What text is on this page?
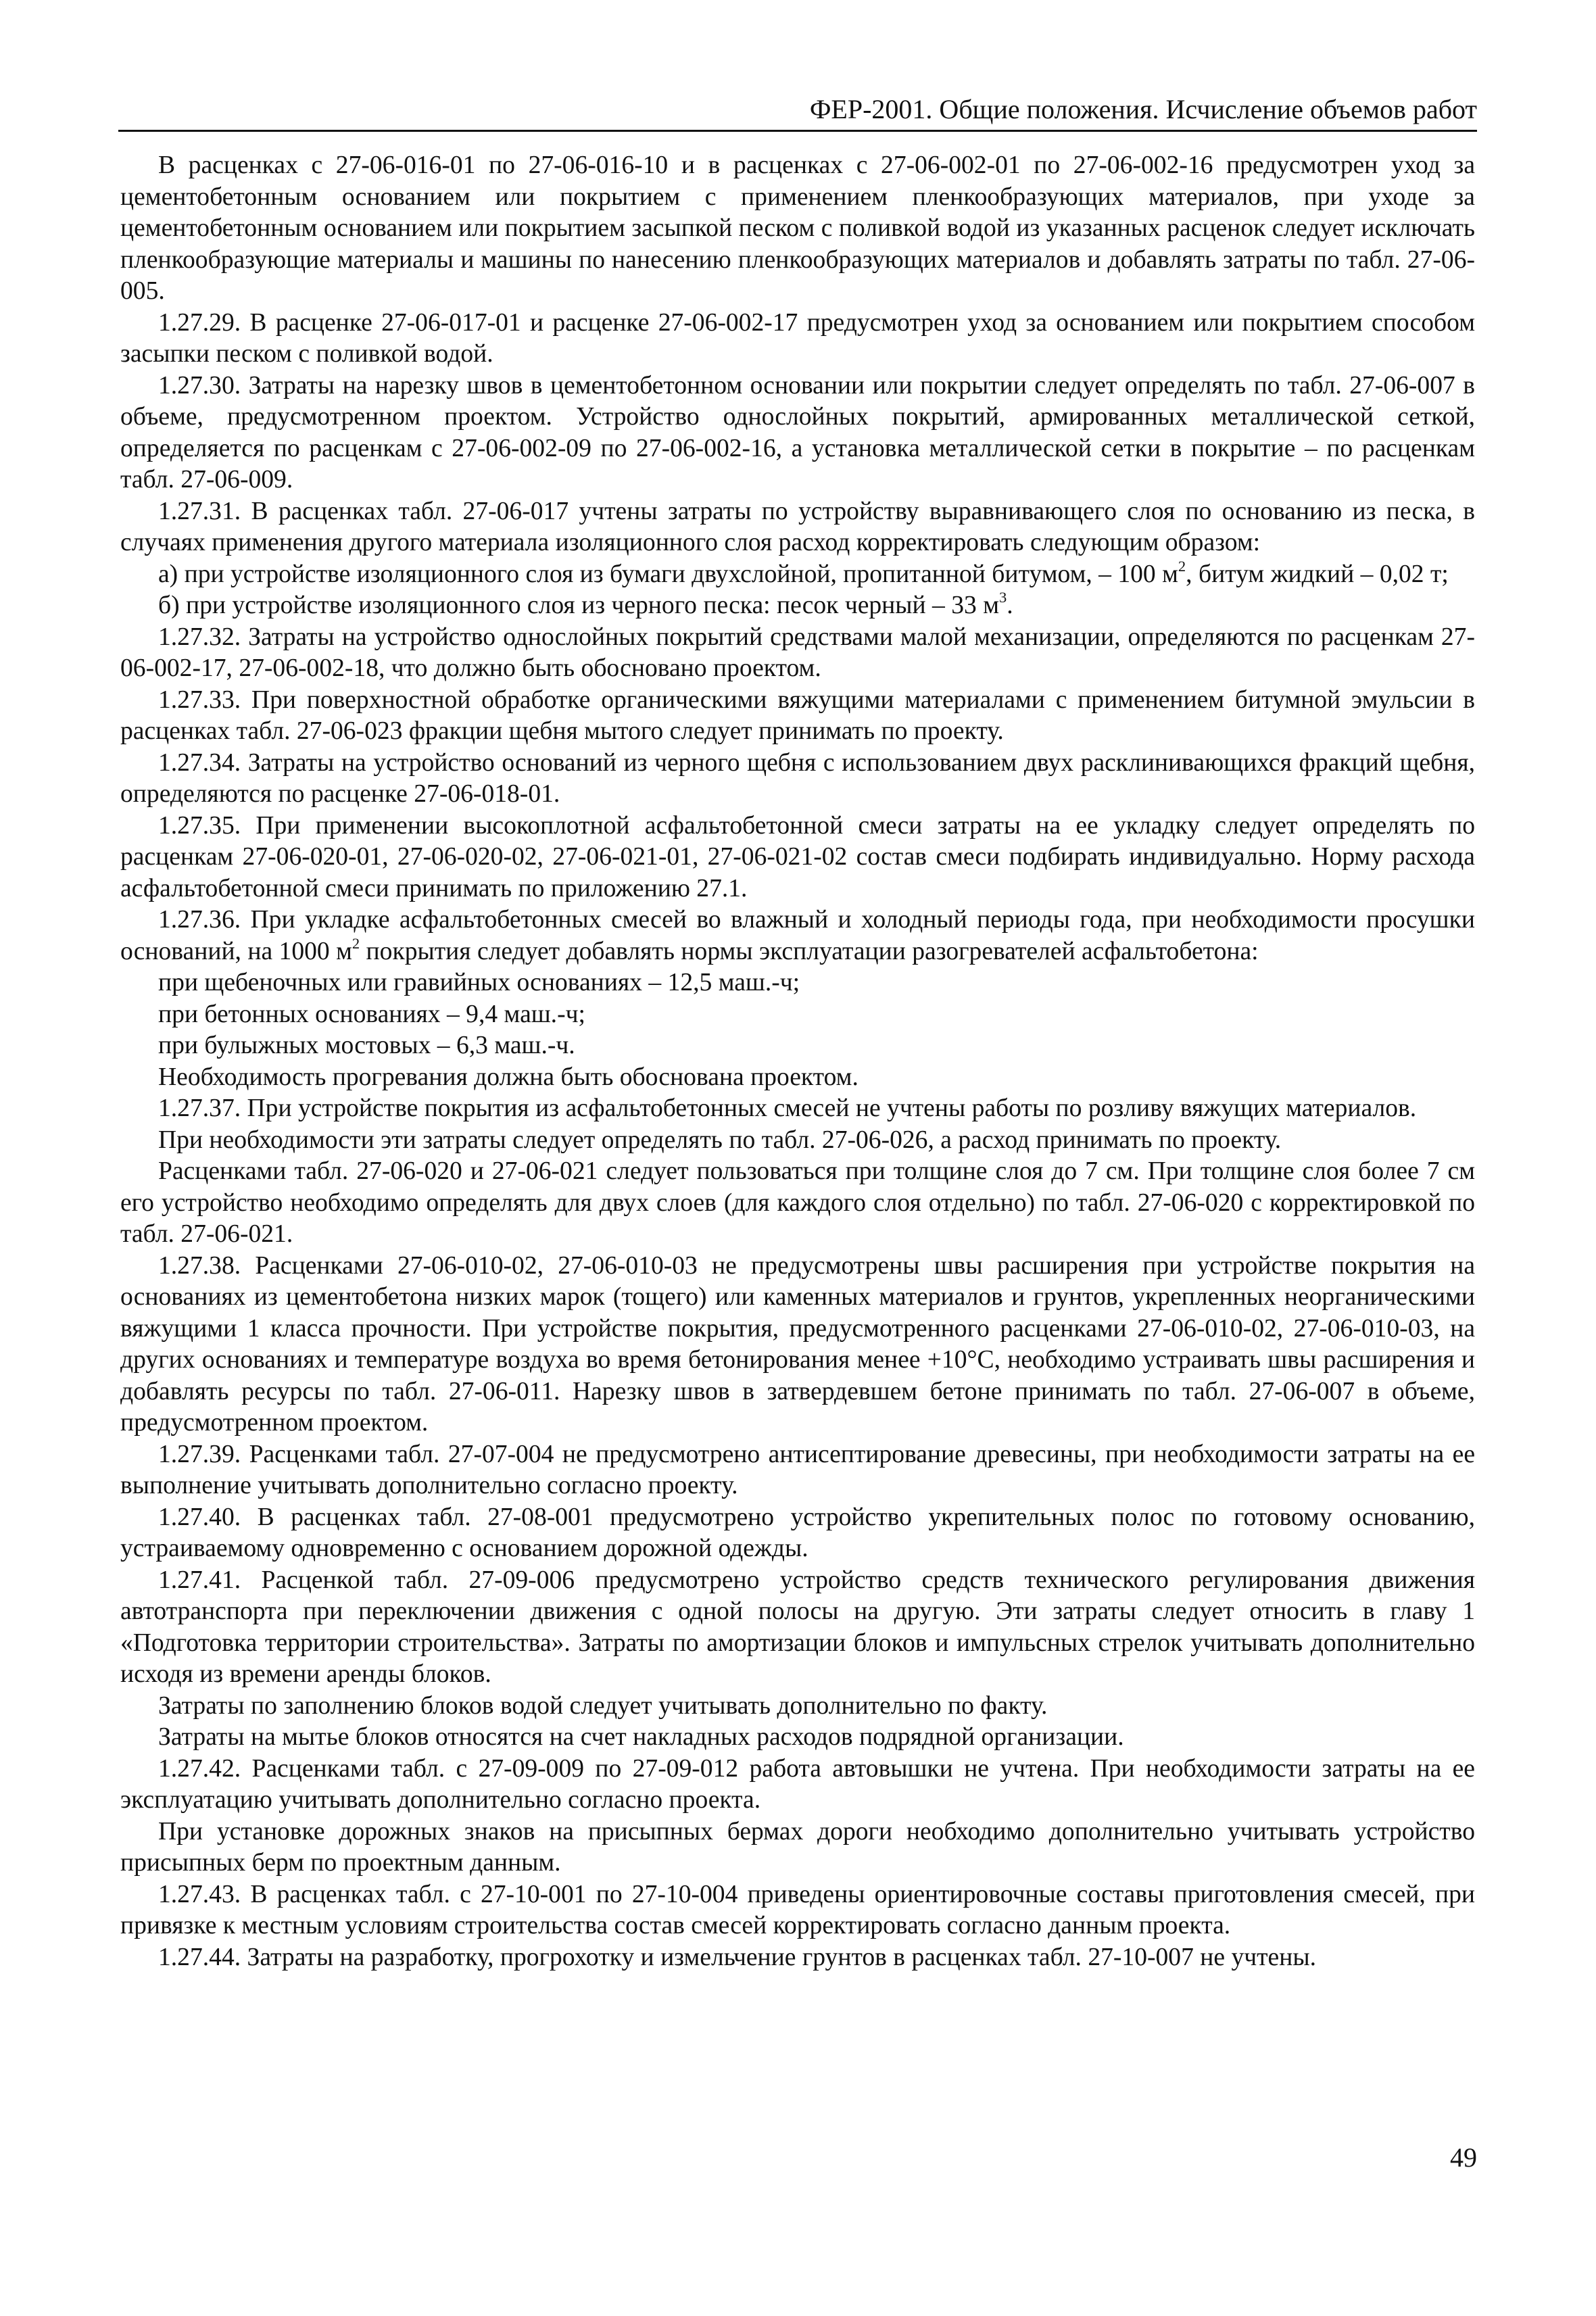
ФЕР-2001. Общие положения. Исчисление объемов работ

В расценках с 27-06-016-01 по 27-06-016-10 и в расценках с 27-06-002-01 по 27-06-002-16 предусмотрен уход за цементобетонным основанием или покрытием с применением пленкообразующих материалов, при уходе за цементобетонным основанием или покрытием засыпкой песком с поливкой водой из указанных расценок следует исключать пленкообразующие материалы и машины по нанесению пленкообразующих материалов и добавлять затраты по табл. 27-06-005.

1.27.29. В расценке 27-06-017-01 и расценке 27-06-002-17 предусмотрен уход за основанием или покрытием способом засыпки песком с поливкой водой.

1.27.30. Затраты на нарезку швов в цементобетонном основании или покрытии следует определять по табл. 27-06-007 в объеме, предусмотренном проектом. Устройство однослойных покрытий, армированных металлической сеткой, определяется по расценкам с 27-06-002-09 по 27-06-002-16, а установка металлической сетки в покрытие – по расценкам табл. 27-06-009.

1.27.31. В расценках табл. 27-06-017 учтены затраты по устройству выравнивающего слоя по основанию из песка, в случаях применения другого материала изоляционного слоя расход корректировать следующим образом:

а) при устройстве изоляционного слоя из бумаги двухслойной, пропитанной битумом, – 100 $м^2$, битум жидкий – 0,02 т;

б) при устройстве изоляционного слоя из черного песка: песок черный – 33 $м^3$.

1.27.32. Затраты на устройство однослойных покрытий средствами малой механизации, определяются по расценкам 27-06-002-17, 27-06-002-18, что должно быть обосновано проектом.

1.27.33. При поверхностной обработке органическими вяжущими материалами с применением битумной эмульсии в расценках табл. 27-06-023 фракции щебня мытого следует принимать по проекту.

1.27.34. Затраты на устройство оснований из черного щебня с использованием двух расклинивающихся фракций щебня, определяются по расценке 27-06-018-01.

1.27.35. При применении высокоплотной асфальтобетонной смеси затраты на ее укладку следует определять по расценкам 27-06-020-01, 27-06-020-02, 27-06-021-01, 27-06-021-02 состав смеси подбирать индивидуально. Норму расхода асфальтобетонной смеси принимать по приложению 27.1.

1.27.36. При укладке асфальтобетонных смесей во влажный и холодный периоды года, при необходимости просушки оснований, на 1000 $м^2$ покрытия следует добавлять нормы эксплуатации разогревателей асфальтобетона:

при щебеночных или гравийных основаниях – 12,5 маш.-ч;

при бетонных основаниях – 9,4 маш.-ч;

при булыжных мостовых – 6,3 маш.-ч.

Необходимость прогревания должна быть обоснована проектом.

1.27.37. При устройстве покрытия из асфальтобетонных смесей не учтены работы по розливу вяжущих материалов.

При необходимости эти затраты следует определять по табл. 27-06-026, а расход принимать по проекту.

Расценками табл. 27-06-020 и 27-06-021 следует пользоваться при толщине слоя до 7 см. При толщине слоя более 7 см его устройство необходимо определять для двух слоев (для каждого слоя отдельно) по табл. 27-06-020 с корректировкой по табл. 27-06-021.

1.27.38. Расценками 27-06-010-02, 27-06-010-03 не предусмотрены швы расширения при устройстве покрытия на основаниях из цементобетона низких марок (тощего) или каменных материалов и грунтов, укрепленных неорганическими вяжущими 1 класса прочности. При устройстве покрытия, предусмотренного расценками 27-06-010-02, 27-06-010-03, на других основаниях и температуре воздуха во время бетонирования менее +10°С, необходимо устраивать швы расширения и добавлять ресурсы по табл. 27-06-011. Нарезку швов в затвердевшем бетоне принимать по табл. 27-06-007 в объеме, предусмотренном проектом.

1.27.39. Расценками табл. 27-07-004 не предусмотрено антисептирование древесины, при необходимости затраты на ее выполнение учитывать дополнительно согласно проекту.

1.27.40. В расценках табл. 27-08-001 предусмотрено устройство укрепительных полос по готовому основанию, устраиваемому одновременно с основанием дорожной одежды.

1.27.41. Расценкой табл. 27-09-006 предусмотрено устройство средств технического регулирования движения автотранспорта при переключении движения с одной полосы на другую. Эти затраты следует относить в главу 1 «Подготовка территории строительства». Затраты по амортизации блоков и импульсных стрелок учитывать дополнительно исходя из времени аренды блоков.

Затраты по заполнению блоков водой следует учитывать дополнительно по факту.

Затраты на мытье блоков относятся на счет накладных расходов подрядной организации.

1.27.42. Расценками табл. с 27-09-009 по 27-09-012 работа автовышки не учтена. При необходимости затраты на ее эксплуатацию учитывать дополнительно согласно проекта.

При установке дорожных знаков на присыпных бермах дороги необходимо дополнительно учитывать устройство присыпных берм по проектным данным.

1.27.43. В расценках табл. с 27-10-001 по 27-10-004 приведены ориентировочные составы приготовления смесей, при привязке к местным условиям строительства состав смесей корректировать согласно данным проекта.

1.27.44. Затраты на разработку, прогрохотку и измельчение грунтов в расценках табл. 27-10-007 не учтены.

49
